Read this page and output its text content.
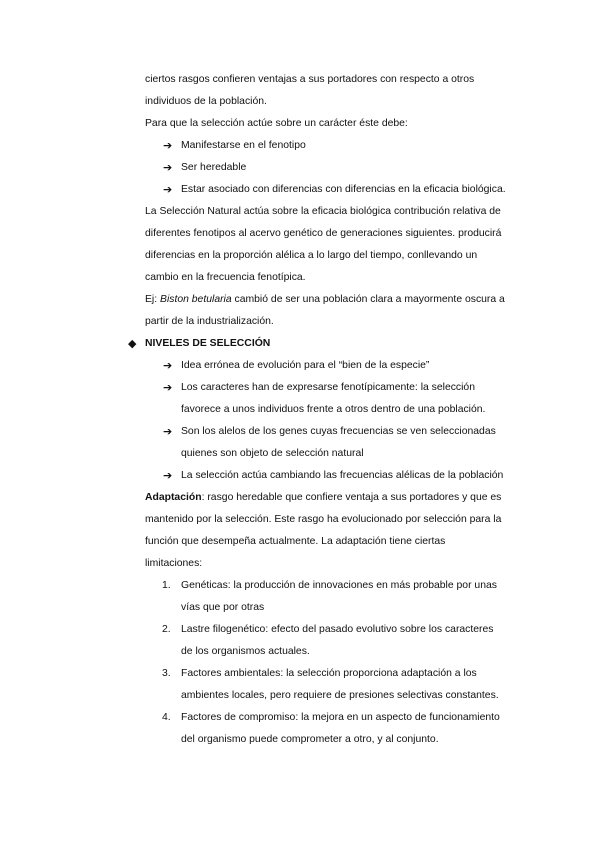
ciertos rasgos confieren ventajas a sus portadores con respecto a otros
individuos de la población.
Para que la selección actúe sobre un carácter éste debe:
➔ Manifestarse en el fenotipo
➔ Ser heredable
➔ Estar asociado con diferencias con diferencias en la eficacia biológica.
La Selección Natural actúa sobre la eficacia biológica contribución relativa de
diferentes fenotipos al acervo genético de generaciones siguientes. producirá
diferencias en la proporción alélica a lo largo del tiempo, conllevando un
cambio en la frecuencia fenotípica.
Ej: Biston betularia cambió de ser una población clara a mayormente oscura a
partir de la industrialización.
◆ NIVELES DE SELECCIÓN
➔ Idea errónea de evolución para el “bien de la especie”
➔ Los caracteres han de expresarse fenotípicamente: la selección
favorece a unos individuos frente a otros dentro de una población.
➔ Son los alelos de los genes cuyas frecuencias se ven seleccionadas
quienes son objeto de selección natural
➔ La selección actúa cambiando las frecuencias alélicas de la población
Adaptación: rasgo heredable que confiere ventaja a sus portadores y que es
mantenido por la selección. Este rasgo ha evolucionado por selección para la
función que desempeña actualmente. La adaptación tiene ciertas
limitaciones:
1. Genéticas: la producción de innovaciones en más probable por unas
vías que por otras
2. Lastre filogenético: efecto del pasado evolutivo sobre los caracteres
de los organismos actuales.
3. Factores ambientales: la selección proporciona adaptación a los
ambientes locales, pero requiere de presiones selectivas constantes.
4. Factores de compromiso: la mejora en un aspecto de funcionamiento
del organismo puede comprometer a otro, y al conjunto.
